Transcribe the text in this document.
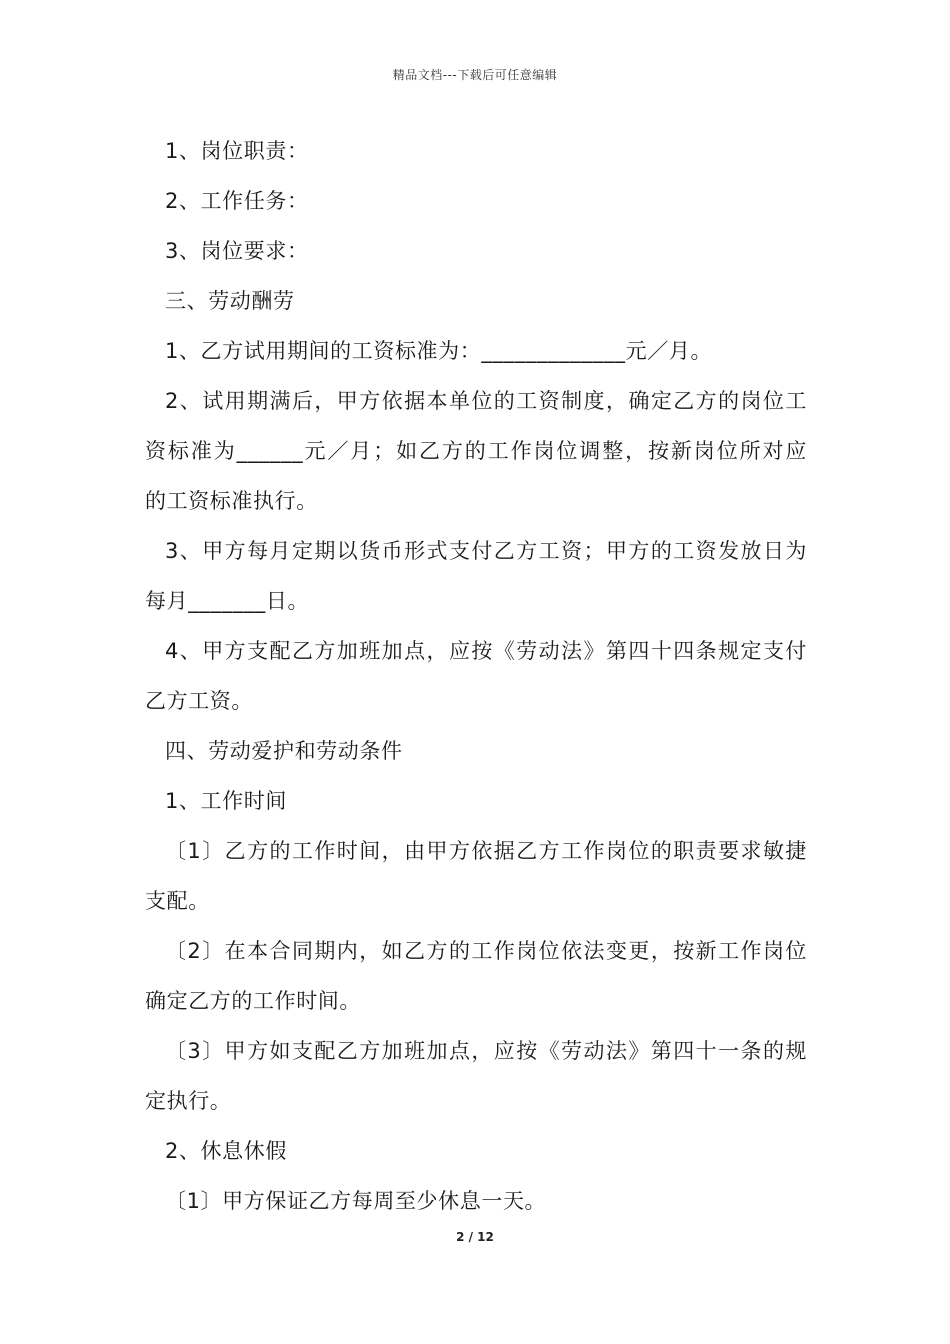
精品文档---下载后可任意编辑
1、岗位职责：
2、工作任务：
3、岗位要求：
三、劳动酬劳
1、乙方试用期间的工资标准为：_____________元／月。
2、试用期满后，甲方依据本单位的工资制度，确定乙方的岗位工
资标准为______元／月；如乙方的工作岗位调整，按新岗位所对应
的工资标准执行。
3、甲方每月定期以货币形式支付乙方工资；甲方的工资发放日为
每月_______日。
4、甲方支配乙方加班加点，应按《劳动法》第四十四条规定支付
乙方工资。
四、劳动爱护和劳动条件
1、工作时间
〔1〕乙方的工作时间，由甲方依据乙方工作岗位的职责要求敏捷
支配。
〔2〕在本合同期内，如乙方的工作岗位依法变更，按新工作岗位
确定乙方的工作时间。
〔3〕甲方如支配乙方加班加点，应按《劳动法》第四十一条的规
定执行。
2、休息休假
〔1〕甲方保证乙方每周至少休息一天。
2 / 12
